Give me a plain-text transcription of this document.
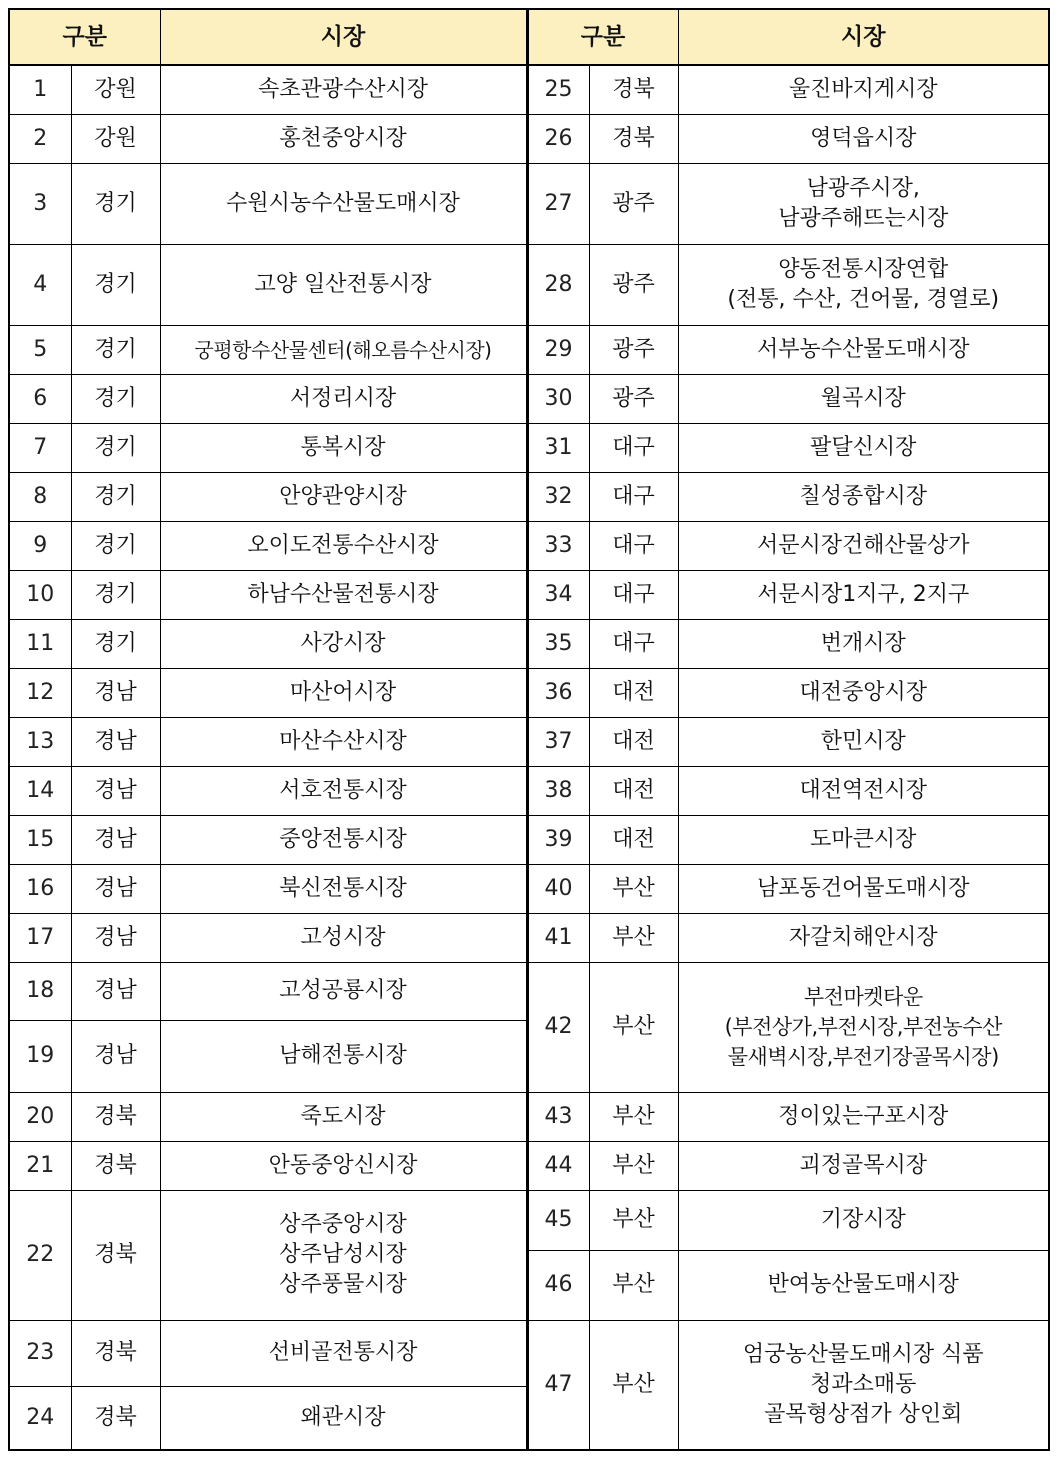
구분		시장	구분		시장
1	강원	속초관광수산시장	25	경북	울진바지게시장
2	강원	홍천중앙시장	26	경북	영덕읍시장
3	경기	수원시농수산물도매시장	27	광주	남광주시장,
남광주해뜨는시장
4	경기	고양 일산전통시장	28	광주	양동전통시장연합
(전통, 수산, 건어물, 경열로)
5	경기	궁평항수산물센터(해오름수산시장)	29	광주	서부농수산물도매시장
6	경기	서정리시장	30	광주	월곡시장
7	경기	통복시장	31	대구	팔달신시장
8	경기	안양관양시장	32	대구	칠성종합시장
9	경기	오이도전통수산시장	33	대구	서문시장건해산물상가
10	경기	하남수산물전통시장	34	대구	서문시장1지구, 2지구
11	경기	사강시장	35	대구	번개시장
12	경남	마산어시장	36	대전	대전중앙시장
13	경남	마산수산시장	37	대전	한민시장
14	경남	서호전통시장	38	대전	대전역전시장
15	경남	중앙전통시장	39	대전	도마큰시장
16	경남	북신전통시장	40	부산	남포동건어물도매시장
17	경남	고성시장	41	부산	자갈치해안시장
18	경남	고성공룡시장	42	부산	부전마켓타운
(부전상가,부전시장,부전농수산
물새벽시장,부전기장골목시장)
19	경남	남해전통시장			
20	경북	죽도시장	43	부산	정이있는구포시장
21	경북	안동중앙신시장	44	부산	괴정골목시장
22	경북	상주중앙시장
상주남성시장
상주풍물시장	45	부산	기장시장
			46	부산	반여농산물도매시장
23	경북	선비골전통시장	47	부산	엄궁농산물도매시장 식품
청과소매동
골목형상점가 상인회
24	경북	왜관시장			
